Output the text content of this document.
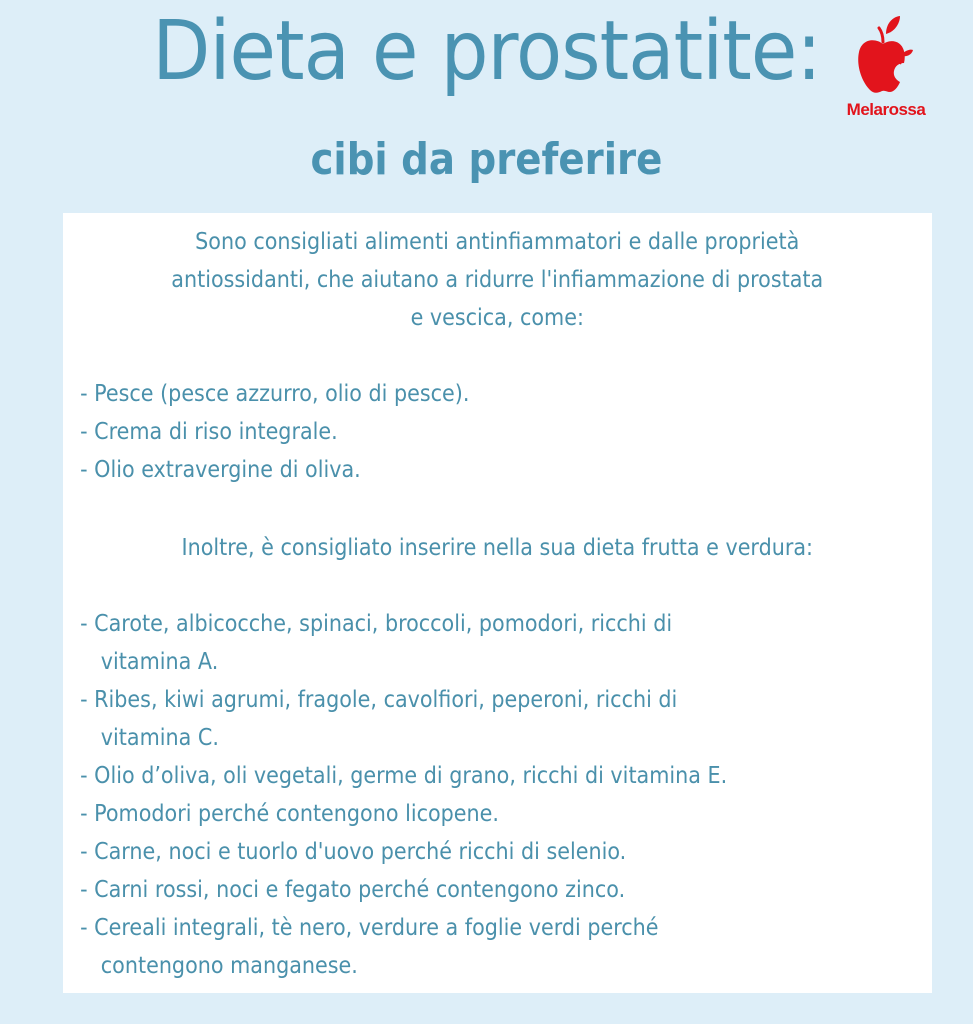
Dieta e prostatite:
cibi da preferire
Melarossa
Sono consigliati alimenti antinfiammatori e dalle proprietà
antiossidanti, che aiutano a ridurre l'infiammazione di prostata
e vescica, come:
- Pesce (pesce azzurro, olio di pesce).
- Crema di riso integrale.
- Olio extravergine di oliva.
Inoltre, è consigliato inserire nella sua dieta frutta e verdura:
- Carote, albicocche, spinaci, broccoli, pomodori, ricchi di
vitamina A.
- Ribes, kiwi agrumi, fragole, cavolfiori, peperoni, ricchi di
vitamina C.
- Olio d’oliva, oli vegetali, germe di grano, ricchi di vitamina E.
- Pomodori perché contengono licopene.
- Carne, noci e tuorlo d'uovo perché ricchi di selenio.
- Carni rossi, noci e fegato perché contengono zinco.
- Cereali integrali, tè nero, verdure a foglie verdi perché
contengono manganese.
